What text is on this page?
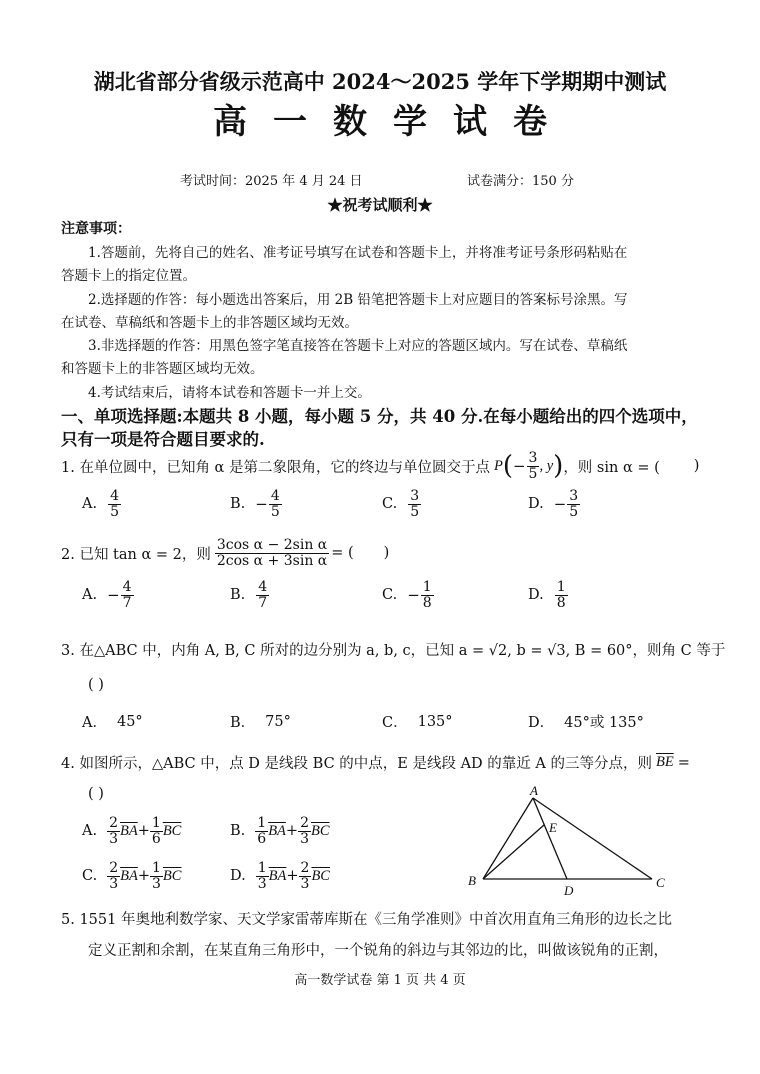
湖北省部分省级示范高中 2024～2025 学年下学期期中测试
高一数学试卷
考试时间：2025 年 4 月 24 日	试卷满分：150 分
★祝考试顺利★
注意事项：
1.答题前，先将自己的姓名、准考证号填写在试卷和答题卡上，并将准考证号条形码粘贴在
答题卡上的指定位置。
2.选择题的作答：每小题选出答案后，用 2B 铅笔把答题卡上对应题目的答案标号涂黑。写
在试卷、草稿纸和答题卡上的非答题区域均无效。
3.非选择题的作答：用黑色签字笔直接答在答题卡上对应的答题区域内。写在试卷、草稿纸
和答题卡上的非答题区域均无效。
4.考试结束后，请将本试卷和答题卡一并上交。
一、单项选择题:本题共 8 小题，每小题 5 分，共 40 分.在每小题给出的四个选项中，
只有一项是符合题目要求的.
1. 在单位圆中，已知角 α 是第二象限角，它的终边与单位圆交于点 P ( − $\frac{3}{5}$ , y ) ，则 sin α = ( )
A. $\frac{4}{5}$	B. − $\frac{4}{5}$	C. $\frac{3}{5}$	D. − $\frac{3}{5}$
2. 已知 tan α = 2，则 $\frac{\text{3cos α − 2sin α}}{\text{2cos α + 3sin α}}$ = ( )
A. − $\frac{4}{7}$	B. $\frac{4}{7}$	C. − $\frac{1}{8}$	D. $\frac{1}{8}$
3. 在△ABC 中，内角 A, B, C 所对的边分别为 a, b, c，已知 a = √2, b = √3, B = 60°，则角 C 等于
( )
A． 45°	B． 75°	C． 135°	D． 45°或 135°
4. 如图所示，△ABC 中，点 D 是线段 BC 的中点，E 是线段 AD 的靠近 A 的三等分点，则 $\overline{BE}$ =
( )
A. $\frac{2}{3} \overline{BA} + \frac{1}{6} \overline{BC}$	B. $\frac{1}{6} \overline{BA} + \frac{2}{3} \overline{BC}$
C. $\frac{2}{3} \overline{BA} + \frac{1}{3} \overline{BC}$	D. $\frac{1}{3} \overline{BA} + \frac{2}{3} \overline{BC}$
A
B	C
D
E
5. 1551 年奥地利数学家、天文学家雷蒂库斯在《三角学准则》中首次用直角三角形的边长之比
定义正割和余割，在某直角三角形中，一个锐角的斜边与其邻边的比，叫做该锐角的正割，
高一数学试卷 第 1 页 共 4 页
